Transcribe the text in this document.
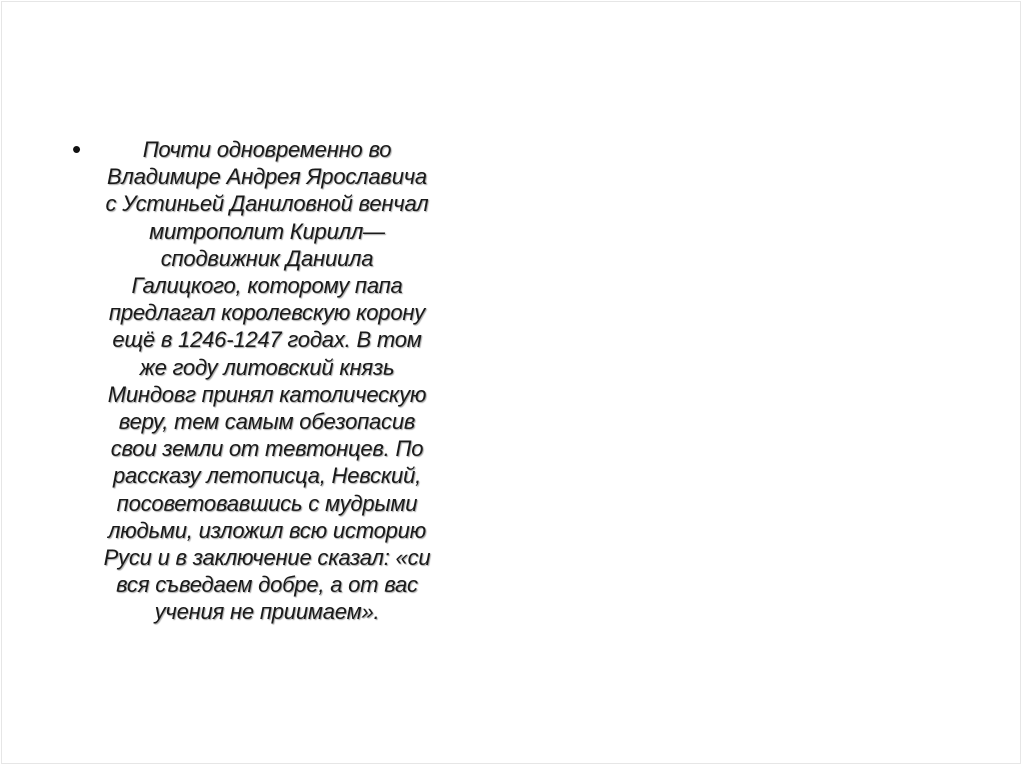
•	Почти одновременно во
Владимире Андрея Ярославича
с Устиньей Даниловной венчал
митрополит Кирилл—
сподвижник Даниила
Галицкого, которому папа
предлагал королевскую корону
ещё в 1246-1247 годах. В том
же году литовский князь
Миндовг принял католическую
веру, тем самым обезопасив
свои земли от тевтонцев. По
рассказу летописца, Невский,
посоветовавшись с мудрыми
людьми, изложил всю историю
Руси и в заключение сказал: «си
вся съведаем добре, а от вас
учения не приимаем».
